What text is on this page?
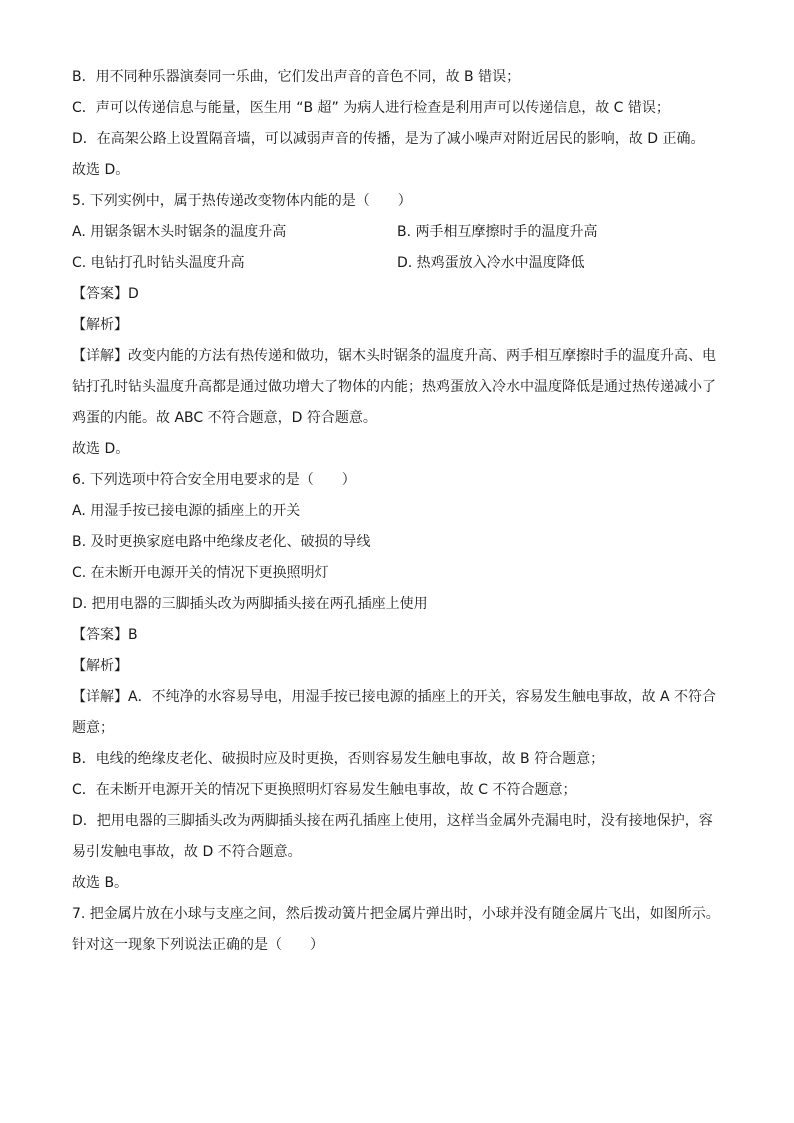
B．用不同种乐器演奏同一乐曲，它们发出声音的音色不同，故 B 错误；
C．声可以传递信息与能量，医生用 “B 超” 为病人进行检查是利用声可以传递信息，故 C 错误；
D．在高架公路上设置隔音墙，可以减弱声音的传播，是为了减小噪声对附近居民的影响，故 D 正确。
故选 D。
5. 下列实例中，属于热传递改变物体内能的是（　　）
A. 用锯条锯木头时锯条的温度升高	B. 两手相互摩擦时手的温度升高
C. 电钻打孔时钻头温度升高	D. 热鸡蛋放入冷水中温度降低
【答案】D
【解析】
【详解】改变内能的方法有热传递和做功，锯木头时锯条的温度升高、两手相互摩擦时手的温度升高、电
钻打孔时钻头温度升高都是通过做功增大了物体的内能；热鸡蛋放入冷水中温度降低是通过热传递减小了
鸡蛋的内能。故 ABC 不符合题意，D 符合题意。
故选 D。
6. 下列选项中符合安全用电要求的是（　　）
A. 用湿手按已接电源的插座上的开关
B. 及时更换家庭电路中绝缘皮老化、破损的导线
C. 在未断开电源开关的情况下更换照明灯
D. 把用电器的三脚插头改为两脚插头接在两孔插座上使用
【答案】B
【解析】
【详解】A．不纯净的水容易导电，用湿手按已接电源的插座上的开关，容易发生触电事故，故 A 不符合
题意；
B．电线的绝缘皮老化、破损时应及时更换，否则容易发生触电事故，故 B 符合题意；
C．在未断开电源开关的情况下更换照明灯容易发生触电事故，故 C 不符合题意；
D．把用电器的三脚插头改为两脚插头接在两孔插座上使用，这样当金属外壳漏电时，没有接地保护，容
易引发触电事故，故 D 不符合题意。
故选 B。
7. 把金属片放在小球与支座之间，然后拨动簧片把金属片弹出时，小球并没有随金属片飞出，如图所示。
针对这一现象下列说法正确的是（　　）
